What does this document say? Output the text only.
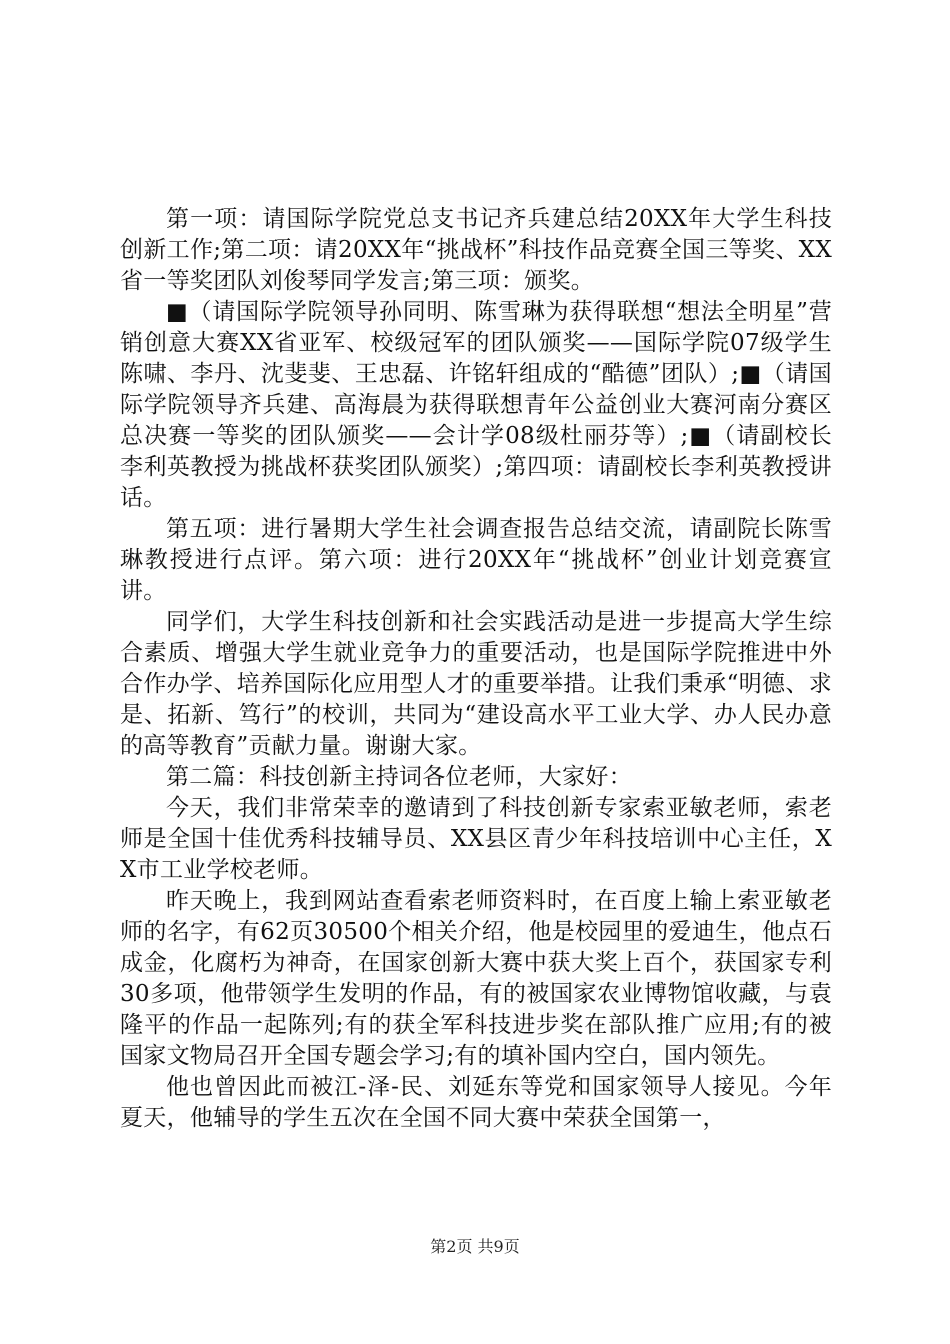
第一项：请国际学院党总支书记齐兵建总结20XX年大学生科技创新工作;第二项：请20XX年“挑战杯”科技作品竞赛全国三等奖、XX省一等奖团队刘俊琴同学发言;第三项：颁奖。

■（请国际学院领导孙同明、陈雪琳为获得联想“想法全明星”营销创意大赛XX省亚军、校级冠军的团队颁奖——国际学院07级学生陈啸、李丹、沈斐斐、王忠磊、许铭轩组成的“酷德”团队）;■（请国际学院领导齐兵建、高海晨为获得联想青年公益创业大赛河南分赛区总决赛一等奖的团队颁奖——会计学08级杜丽芬等）;■（请副校长李利英教授为挑战杯获奖团队颁奖）;第四项：请副校长李利英教授讲话。

第五项：进行暑期大学生社会调查报告总结交流，请副院长陈雪琳教授进行点评。第六项：进行20XX年“挑战杯”创业计划竞赛宣讲。

同学们，大学生科技创新和社会实践活动是进一步提高大学生综合素质、增强大学生就业竞争力的重要活动，也是国际学院推进中外合作办学、培养国际化应用型人才的重要举措。让我们秉承“明德、求是、拓新、笃行”的校训，共同为“建设高水平工业大学、办人民办意的高等教育”贡献力量。谢谢大家。

第二篇：科技创新主持词各位老师，大家好：

今天，我们非常荣幸的邀请到了科技创新专家索亚敏老师，索老师是全国十佳优秀科技辅导员、XX县区青少年科技培训中心主任，XX市工业学校老师。

昨天晚上，我到网站查看索老师资料时，在百度上输上索亚敏老师的名字，有62页30500个相关介绍，他是校园里的爱迪生，他点石成金，化腐朽为神奇，在国家创新大赛中获大奖上百个，获国家专利30多项，他带领学生发明的作品，有的被国家农业博物馆收藏，与袁隆平的作品一起陈列;有的获全军科技进步奖在部队推广应用;有的被国家文物局召开全国专题会学习;有的填补国内空白，国内领先。

他也曾因此而被江-泽-民、刘延东等党和国家领导人接见。今年夏天，他辅导的学生五次在全国不同大赛中荣获全国第一，

第2页 共9页
